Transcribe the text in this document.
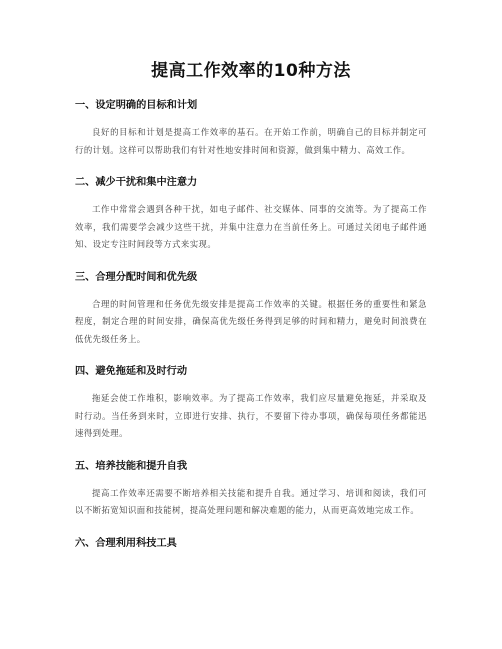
提高工作效率的10种方法
一、设定明确的目标和计划

良好的目标和计划是提高工作效率的基石。在开始工作前，明确自己的目标并制定可行的计划。这样可以帮助我们有针对性地安排时间和资源，做到集中精力、高效工作。

二、减少干扰和集中注意力

工作中常常会遇到各种干扰，如电子邮件、社交媒体、同事的交流等。为了提高工作效率，我们需要学会减少这些干扰，并集中注意力在当前任务上。可通过关闭电子邮件通知、设定专注时间段等方式来实现。

三、合理分配时间和优先级

合理的时间管理和任务优先级安排是提高工作效率的关键。根据任务的重要性和紧急程度，制定合理的时间安排，确保高优先级任务得到足够的时间和精力，避免时间浪费在低优先级任务上。

四、避免拖延和及时行动

拖延会使工作堆积，影响效率。为了提高工作效率，我们应尽量避免拖延，并采取及时行动。当任务到来时，立即进行安排、执行，不要留下待办事项，确保每项任务都能迅速得到处理。

五、培养技能和提升自我

提高工作效率还需要不断培养相关技能和提升自我。通过学习、培训和阅读，我们可以不断拓宽知识面和技能树，提高处理问题和解决难题的能力，从而更高效地完成工作。

六、合理利用科技工具
